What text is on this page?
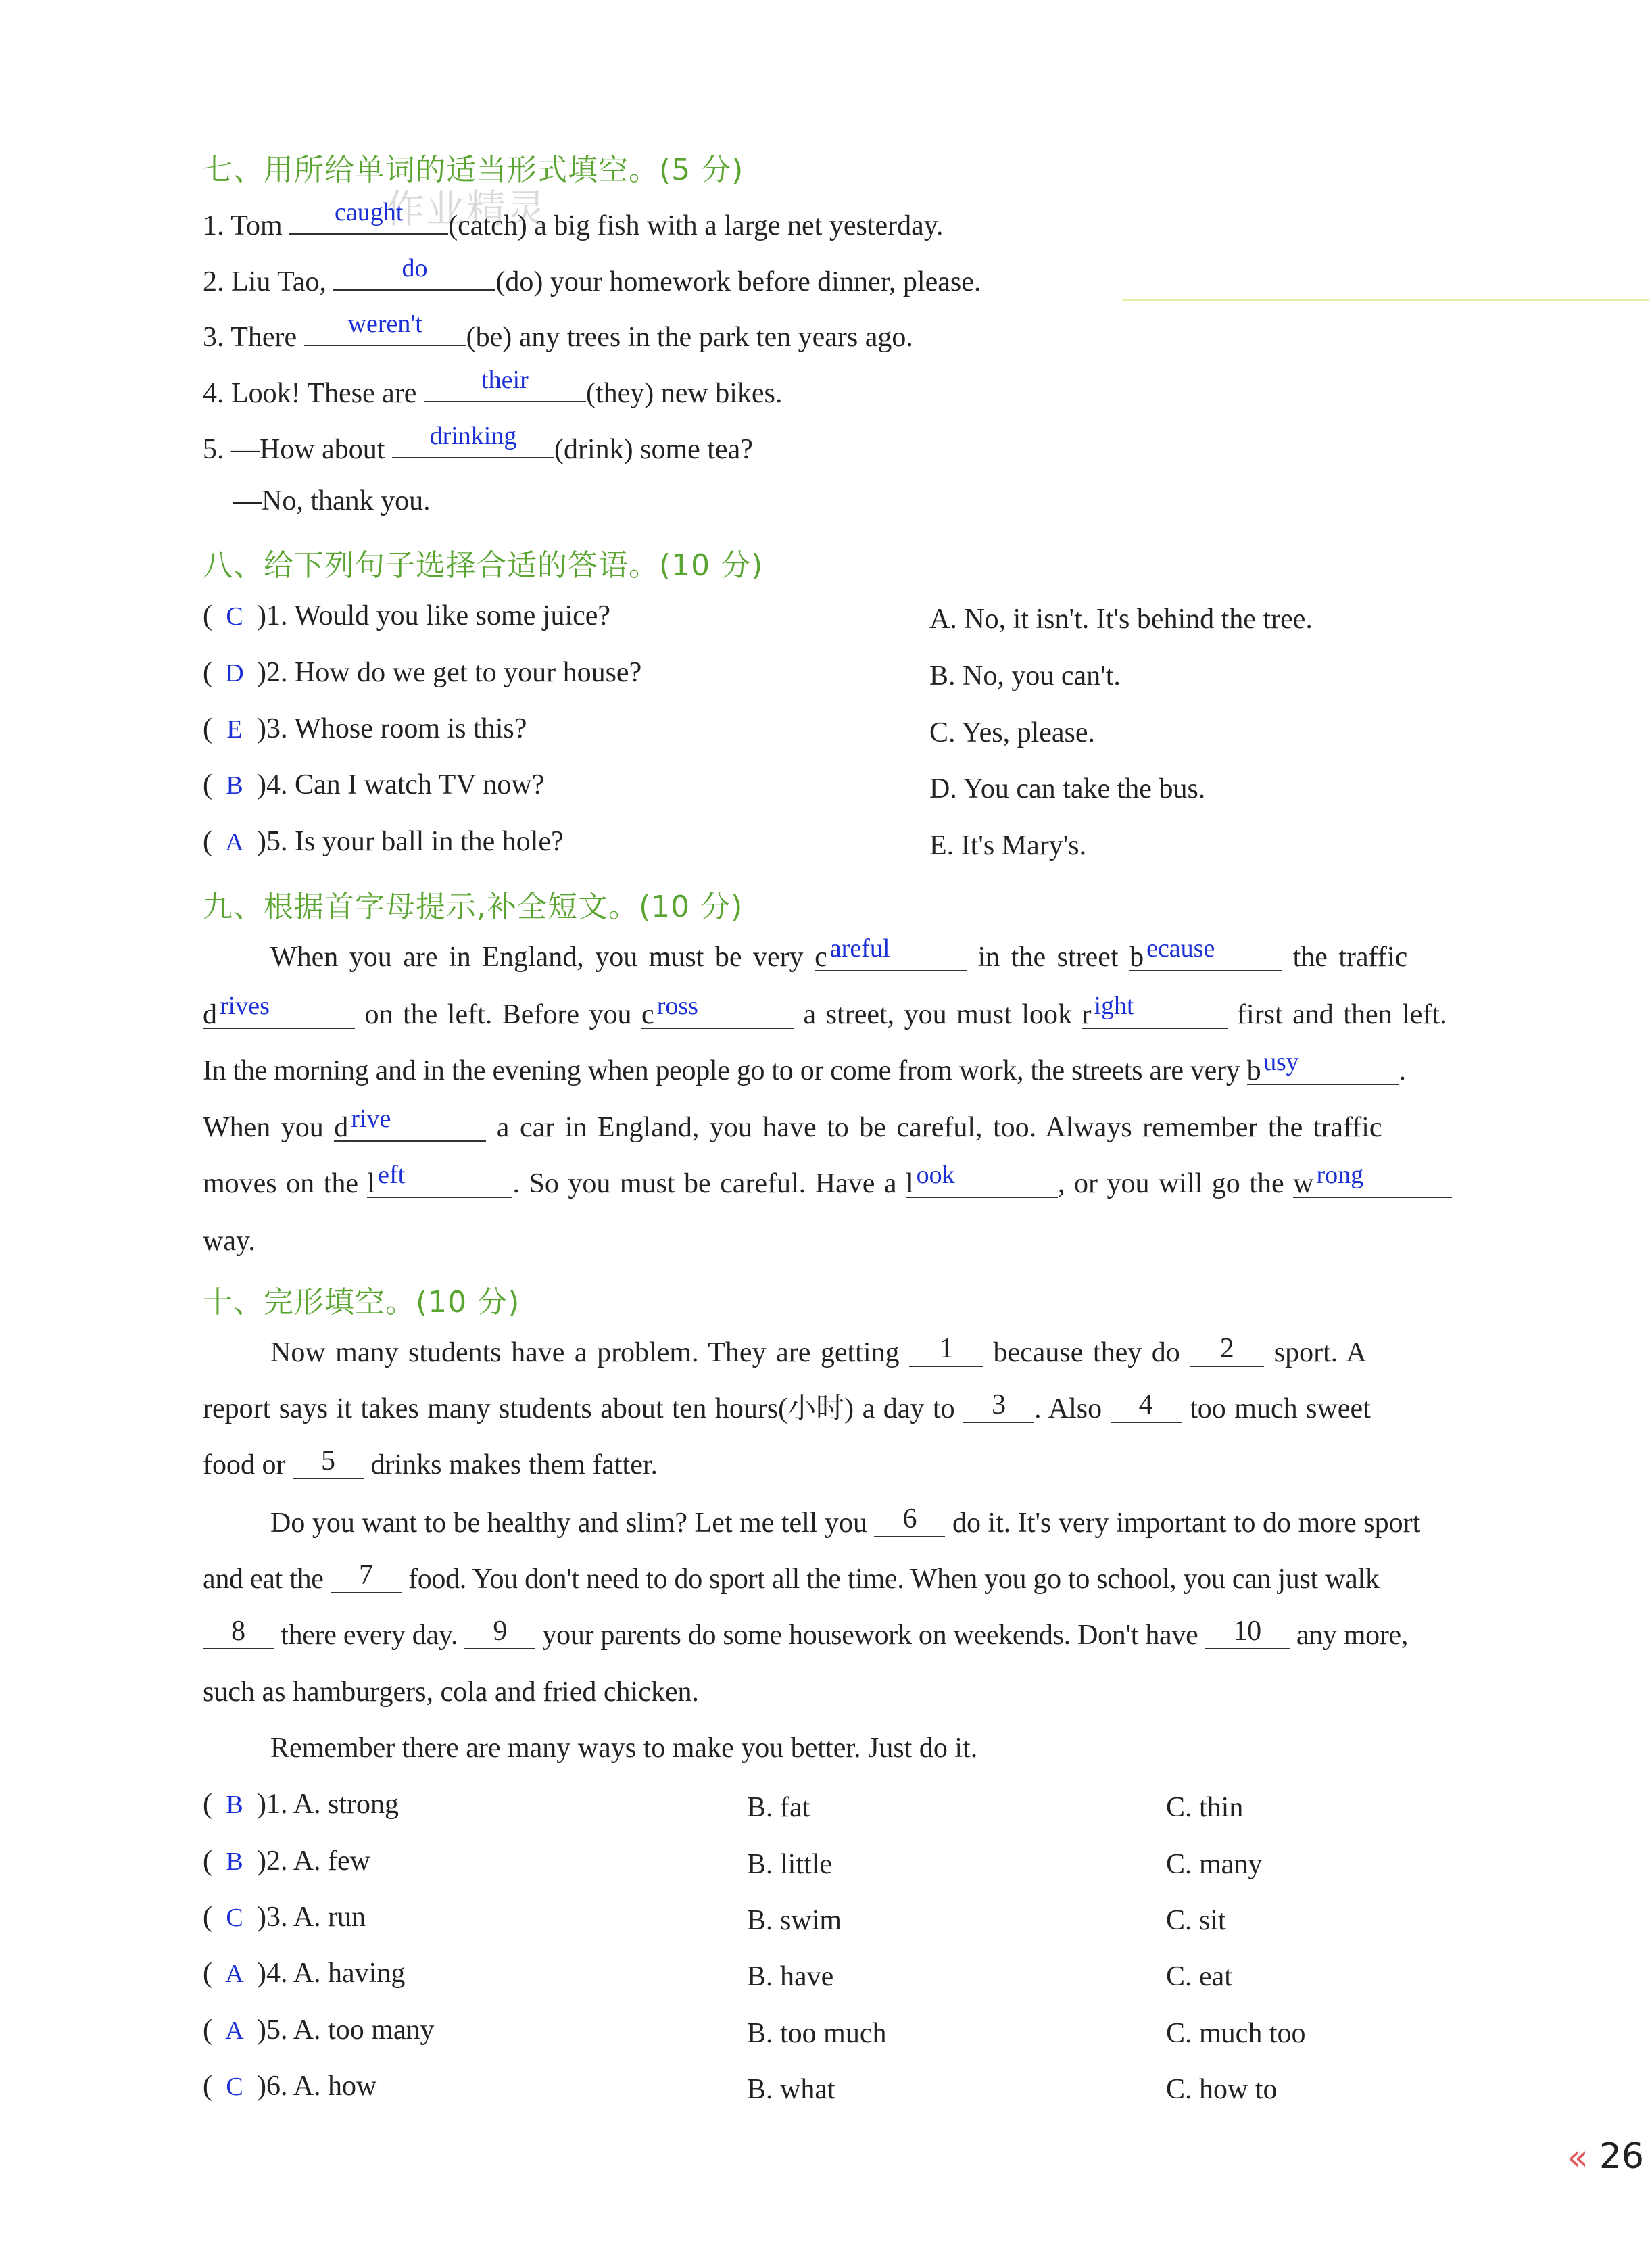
作业精灵
七、用所给单词的适当形式填空。(5 分)
1. Tom	caught	(catch) a big fish with a large net yesterday.
2. Liu Tao,	do	(do) your homework before dinner, please.
3. There	weren't	(be) any trees in the park ten years ago.
4. Look! These are	their	(they) new bikes.
5. —How about	drinking	(drink) some tea?
—No, thank you.
八、给下列句子选择合适的答语。(10 分)
( C )1. Would you like some juice?
( D )2. How do we get to your house?
( E )3. Whose room is this?
( B )4. Can I watch TV now?
( A )5. Is your ball in the hole?
A. No, it isn't. It's behind the tree.
B. No, you can't.
C. Yes, please.
D. You can take the bus.
E. It's Mary's.
九、根据首字母提示,补全短文。(10 分)
When you are in England, you must be very c areful	in the street b ecause the traffic
d rives	on the left. Before you c ross	a street, you must look r ight	first and then left.
In the morning and in the evening when people go to or come from work, the streets are very b usy	.
When you d rive	a car in England, you have to be careful, too. Always remember the traffic
moves on the l eft	. So you must be careful. Have a l ook	, or you will go the w rong
way.
十、完形填空。(10 分)
Now many students have a problem. They are getting 1 because they do 2 sport. A
report says it takes many students about ten hours(小时) a day to 3 . Also 4 too much sweet
food or 5 drinks makes them fatter.
Do you want to be healthy and slim? Let me tell you 6 do it. It's very important to do more sport
and eat the 7 food. You don't need to do sport all the time. When you go to school, you can just walk
8 there every day. 9 your parents do some housework on weekends. Don't have 10 any more,
such as hamburgers, cola and fried chicken.
Remember there are many ways to make you better. Just do it.
( B )1. A. strong	B. fat	C. thin
( B )2. A. few	B. little	C. many
( C )3. A. run	B. swim	C. sit
( A )4. A. having	B. have	C. eat
( A )5. A. too many	B. too much	C. much too
( C )6. A. how	B. what	C. how to
« 26
